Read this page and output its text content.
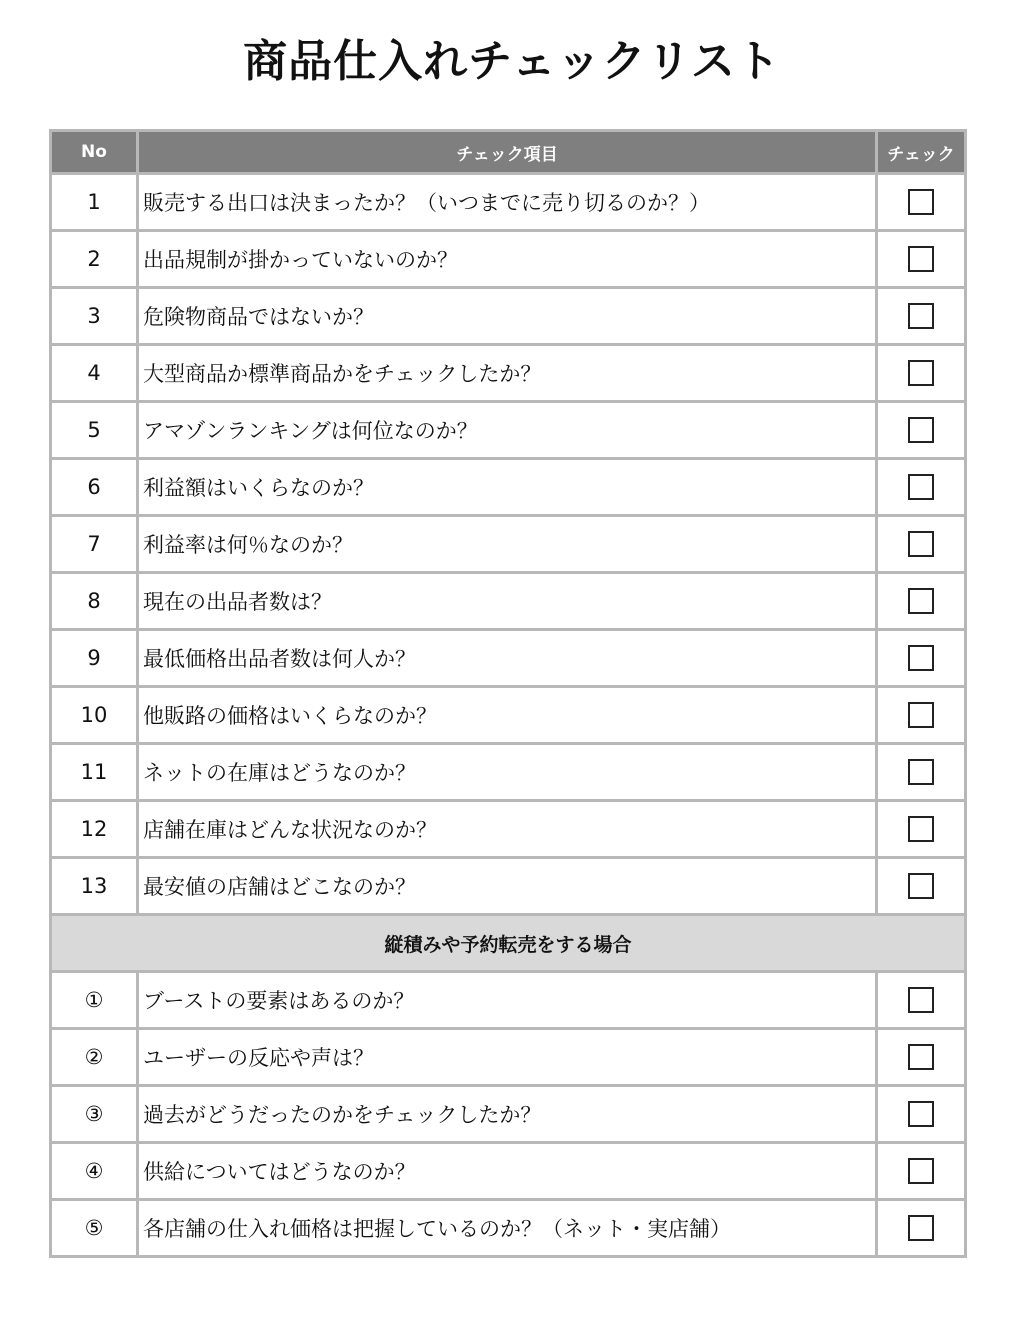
商品仕入れチェックリスト
No	チェック項目	チェック
1	販売する出口は決まったか？（いつまでに売り切るのか？）	
2	出品規制が掛かっていないのか？	
3	危険物商品ではないか？	
4	大型商品か標準商品かをチェックしたか？	
5	アマゾンランキングは何位なのか？	
6	利益額はいくらなのか？	
7	利益率は何％なのか？	
8	現在の出品者数は？	
9	最低価格出品者数は何人か？	
10	他販路の価格はいくらなのか？	
11	ネットの在庫はどうなのか？	
12	店舗在庫はどんな状況なのか？	
13	最安値の店舗はどこなのか？	
縦積みや予約転売をする場合		
①	ブーストの要素はあるのか？	
②	ユーザーの反応や声は？	
③	過去がどうだったのかをチェックしたか？	
④	供給についてはどうなのか？	
⑤	各店舗の仕入れ価格は把握しているのか？（ネット・実店舗）	
